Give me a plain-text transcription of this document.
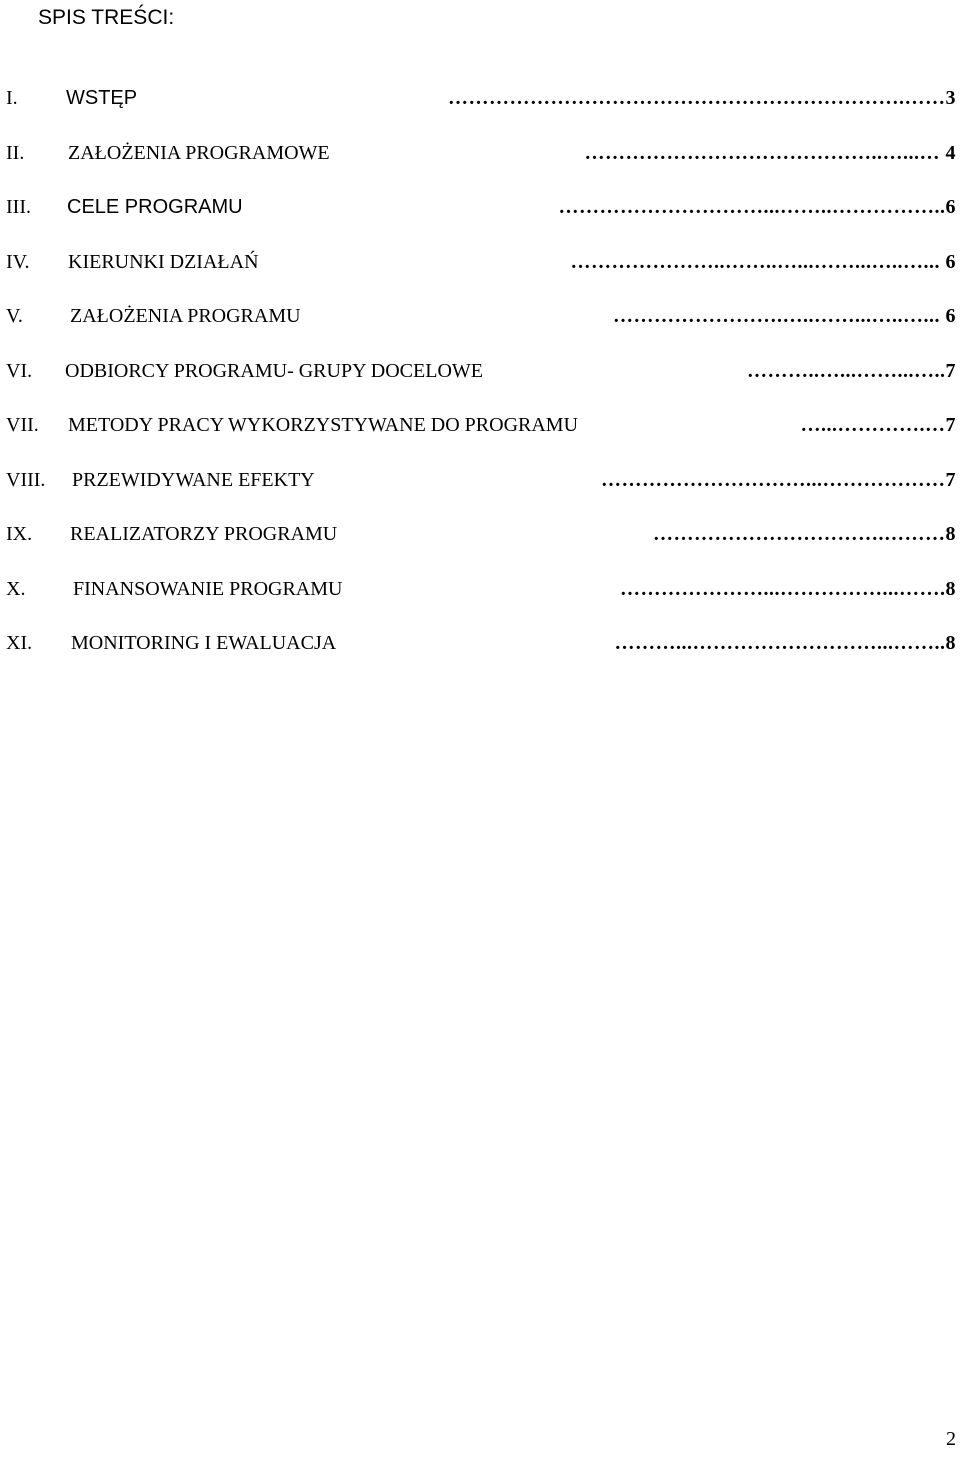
SPIS TREŚCI:
I. WSTĘP	………………………………………………………….……3
II. ZAŁOŻENIA PROGRAMOWE	……………………………………..…...… 4
III. CELE PROGRAMU	…………………………...……..……………..6
IV. KIERUNKI DZIAŁAŃ	…………………..……..…...……...…..…... 6
V. ZAŁOŻENIA PROGRAMU	…………………….…..……...…..…... 6
VI. ODBIORCY PROGRAMU- GRUPY DOCELOWE	………..…...……...…..7
VII. METODY PRACY WYKORZYSTYWANE DO PROGRAMU	…...………….…7
VIII. PRZEWIDYWANE EFEKTY	…………………………...………………7
IX. REALIZATORZY PROGRAMU	…………………………….………8
X. FINANSOWANIE PROGRAMU	…………………...……………...…….8
XI. MONITORING I EWALUACJA	………...………………………...……..8
2
